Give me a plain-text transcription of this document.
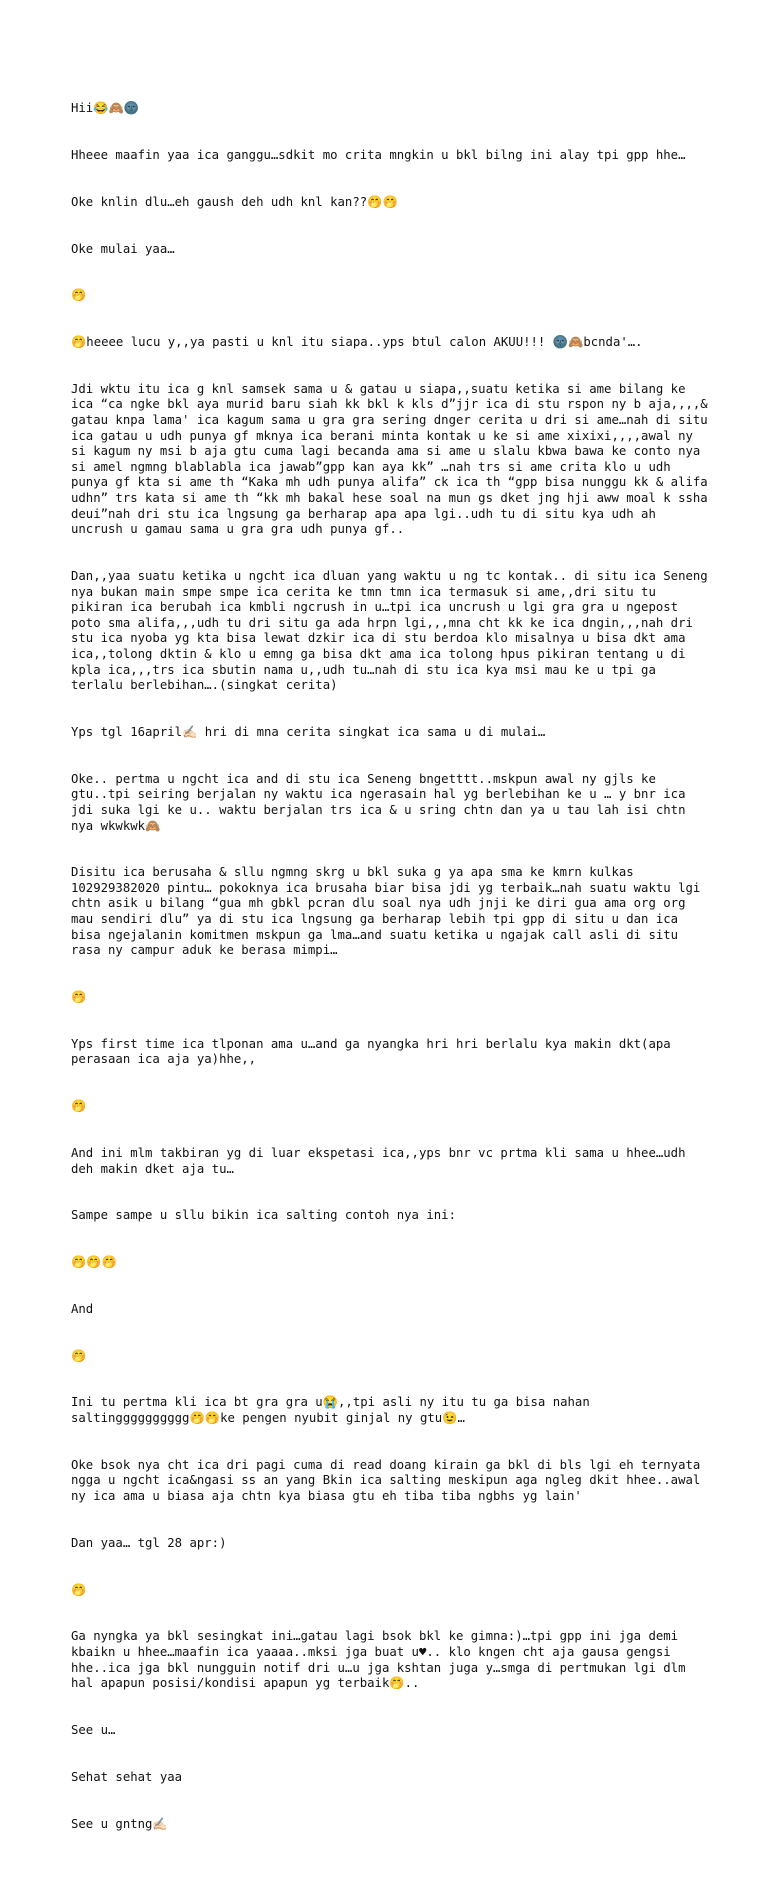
Hii😂🙈🌚

Hheee maafin yaa ica ganggu…sdkit mo crita mngkin u bkl bilng ini alay tpi gpp hhe…

Oke knlin dlu…eh gaush deh udh knl kan??🤭🤭

Oke mulai yaa…

🤭

🤭heeee lucu y,,ya pasti u knl itu siapa..yps btul calon AKUU!!! 🌚🙈bcnda'….

Jdi wktu itu ica g knl samsek sama u & gatau u siapa,,suatu ketika si ame bilang ke ica “ca ngke bkl aya murid baru siah kk bkl k kls d”jjr ica di stu rspon ny b aja,,,,& gatau knpa lama' ica kagum sama u gra gra sering dnger cerita u dri si ame…nah di situ ica gatau u udh punya gf mknya ica berani minta kontak u ke si ame xixixi,,,,awal ny si kagum ny msi b aja gtu cuma lagi becanda ama si ame u slalu kbwa bawa ke conto nya si amel ngmng blablabla ica jawab”gpp kan aya kk” …nah trs si ame crita klo u udh punya gf kta si ame th “Kaka mh udh punya alifa” ck ica th “gpp bisa nunggu kk & alifa udhn” trs kata si ame th “kk mh bakal hese soal na mun gs dket jng hji aww moal k ssha deui”nah dri stu ica lngsung ga berharap apa apa lgi..udh tu di situ kya udh ah uncrush u gamau sama u gra gra udh punya gf..

Dan,,yaa suatu ketika u ngcht ica dluan yang waktu u ng tc kontak.. di situ ica Seneng nya bukan main smpe smpe ica cerita ke tmn tmn ica termasuk si ame,,dri situ tu pikiran ica berubah ica kmbli ngcrush in u…tpi ica uncrush u lgi gra gra u ngepost poto sma alifa,,,udh tu dri situ ga ada hrpn lgi,,,mna cht kk ke ica dngin,,,nah dri stu ica nyoba yg kta bisa lewat dzkir ica di stu berdoa klo misalnya u bisa dkt ama ica,,tolong dktin & klo u emng ga bisa dkt ama ica tolong hpus pikiran tentang u di kpla ica,,,trs ica sbutin nama u,,udh tu…nah di stu ica kya msi mau ke u tpi ga terlalu berlebihan….(singkat cerita)

Yps tgl 16april✍🏻 hri di mna cerita singkat ica sama u di mulai…

Oke.. pertma u ngcht ica and di stu ica Seneng bngetttt..mskpun awal ny gjls ke gtu..tpi seiring berjalan ny waktu ica ngerasain hal yg berlebihan ke u … y bnr ica jdi suka lgi ke u.. waktu berjalan trs ica & u sring chtn dan ya u tau lah isi chtn nya wkwkwk🙈

Disitu ica berusaha & sllu ngmng skrg u bkl suka g ya apa sma ke kmrn kulkas 102929382020 pintu… pokoknya ica brusaha biar bisa jdi yg terbaik…nah suatu waktu lgi chtn asik u bilang “gua mh gbkl pcran dlu soal nya udh jnji ke diri gua ama org org mau sendiri dlu” ya di stu ica lngsung ga berharap lebih tpi gpp di situ u dan ica bisa ngejalanin komitmen mskpun ga lma…and suatu ketika u ngajak call asli di situ rasa ny campur aduk ke berasa mimpi…

🤭

Yps first time ica tlponan ama u…and ga nyangka hri hri berlalu kya makin dkt(apa perasaan ica aja ya)hhe,,

🤭

And ini mlm takbiran yg di luar ekspetasi ica,,yps bnr vc prtma kli sama u hhee…udh deh makin dket aja tu…

Sampe sampe u sllu bikin ica salting contoh nya ini:

🤭🤭🤭

And

🤭

Ini tu pertma kli ica bt gra gra u😭,,tpi asli ny itu tu ga bisa nahan saltingggggggggg🤭🤭ke pengen nyubit ginjal ny gtu😉…

Oke bsok nya cht ica dri pagi cuma di read doang kirain ga bkl di bls lgi eh ternyata ngga u ngcht ica&ngasi ss an yang Bkin ica salting meskipun aga ngleg dkit hhee..awal ny ica ama u biasa aja chtn kya biasa gtu eh tiba tiba ngbhs yg lain'

Dan yaa… tgl 28 apr:)

🤭

Ga nyngka ya bkl sesingkat ini…gatau lagi bsok bkl ke gimna:)…tpi gpp ini jga demi kbaikn u hhee…maafin ica yaaaa..mksi jga buat u♥.. klo kngen cht aja gausa gengsi hhe..ica jga bkl nungguin notif dri u…u jga kshtan juga y…smga di pertmukan lgi dlm hal apapun posisi/kondisi apapun yg terbaik🤭..

See u…

Sehat sehat yaa

See u gntng✍🏻
